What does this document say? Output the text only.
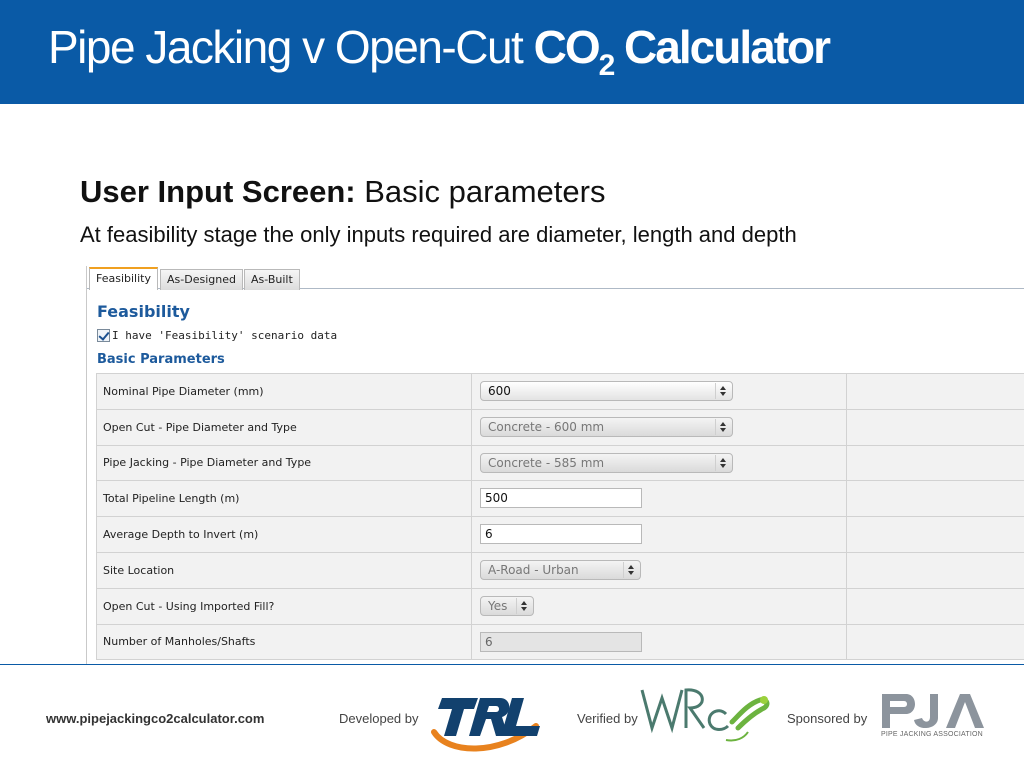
Pipe Jacking v Open-Cut $CO_2$ Calculator
User Input Screen: Basic parameters
At feasibility stage the only inputs required are diameter, length and depth
Feasibility	As-Designed	As-Built
Feasibility
I have 'Feasibility' scenario data
Basic Parameters
Nominal Pipe Diameter (mm)	600
Open Cut - Pipe Diameter and Type	Concrete - 600 mm
Pipe Jacking - Pipe Diameter and Type	Concrete - 585 mm
Total Pipeline Length (m)	500
Average Depth to Invert (m)	6
Site Location	A-Road - Urban
Open Cut - Using Imported Fill?	Yes
Number of Manholes/Shafts	6
www.pipejackingco2calculator.com	Developed by	Verified by	Sponsored by
PIPE JACKING ASSOCIATION
